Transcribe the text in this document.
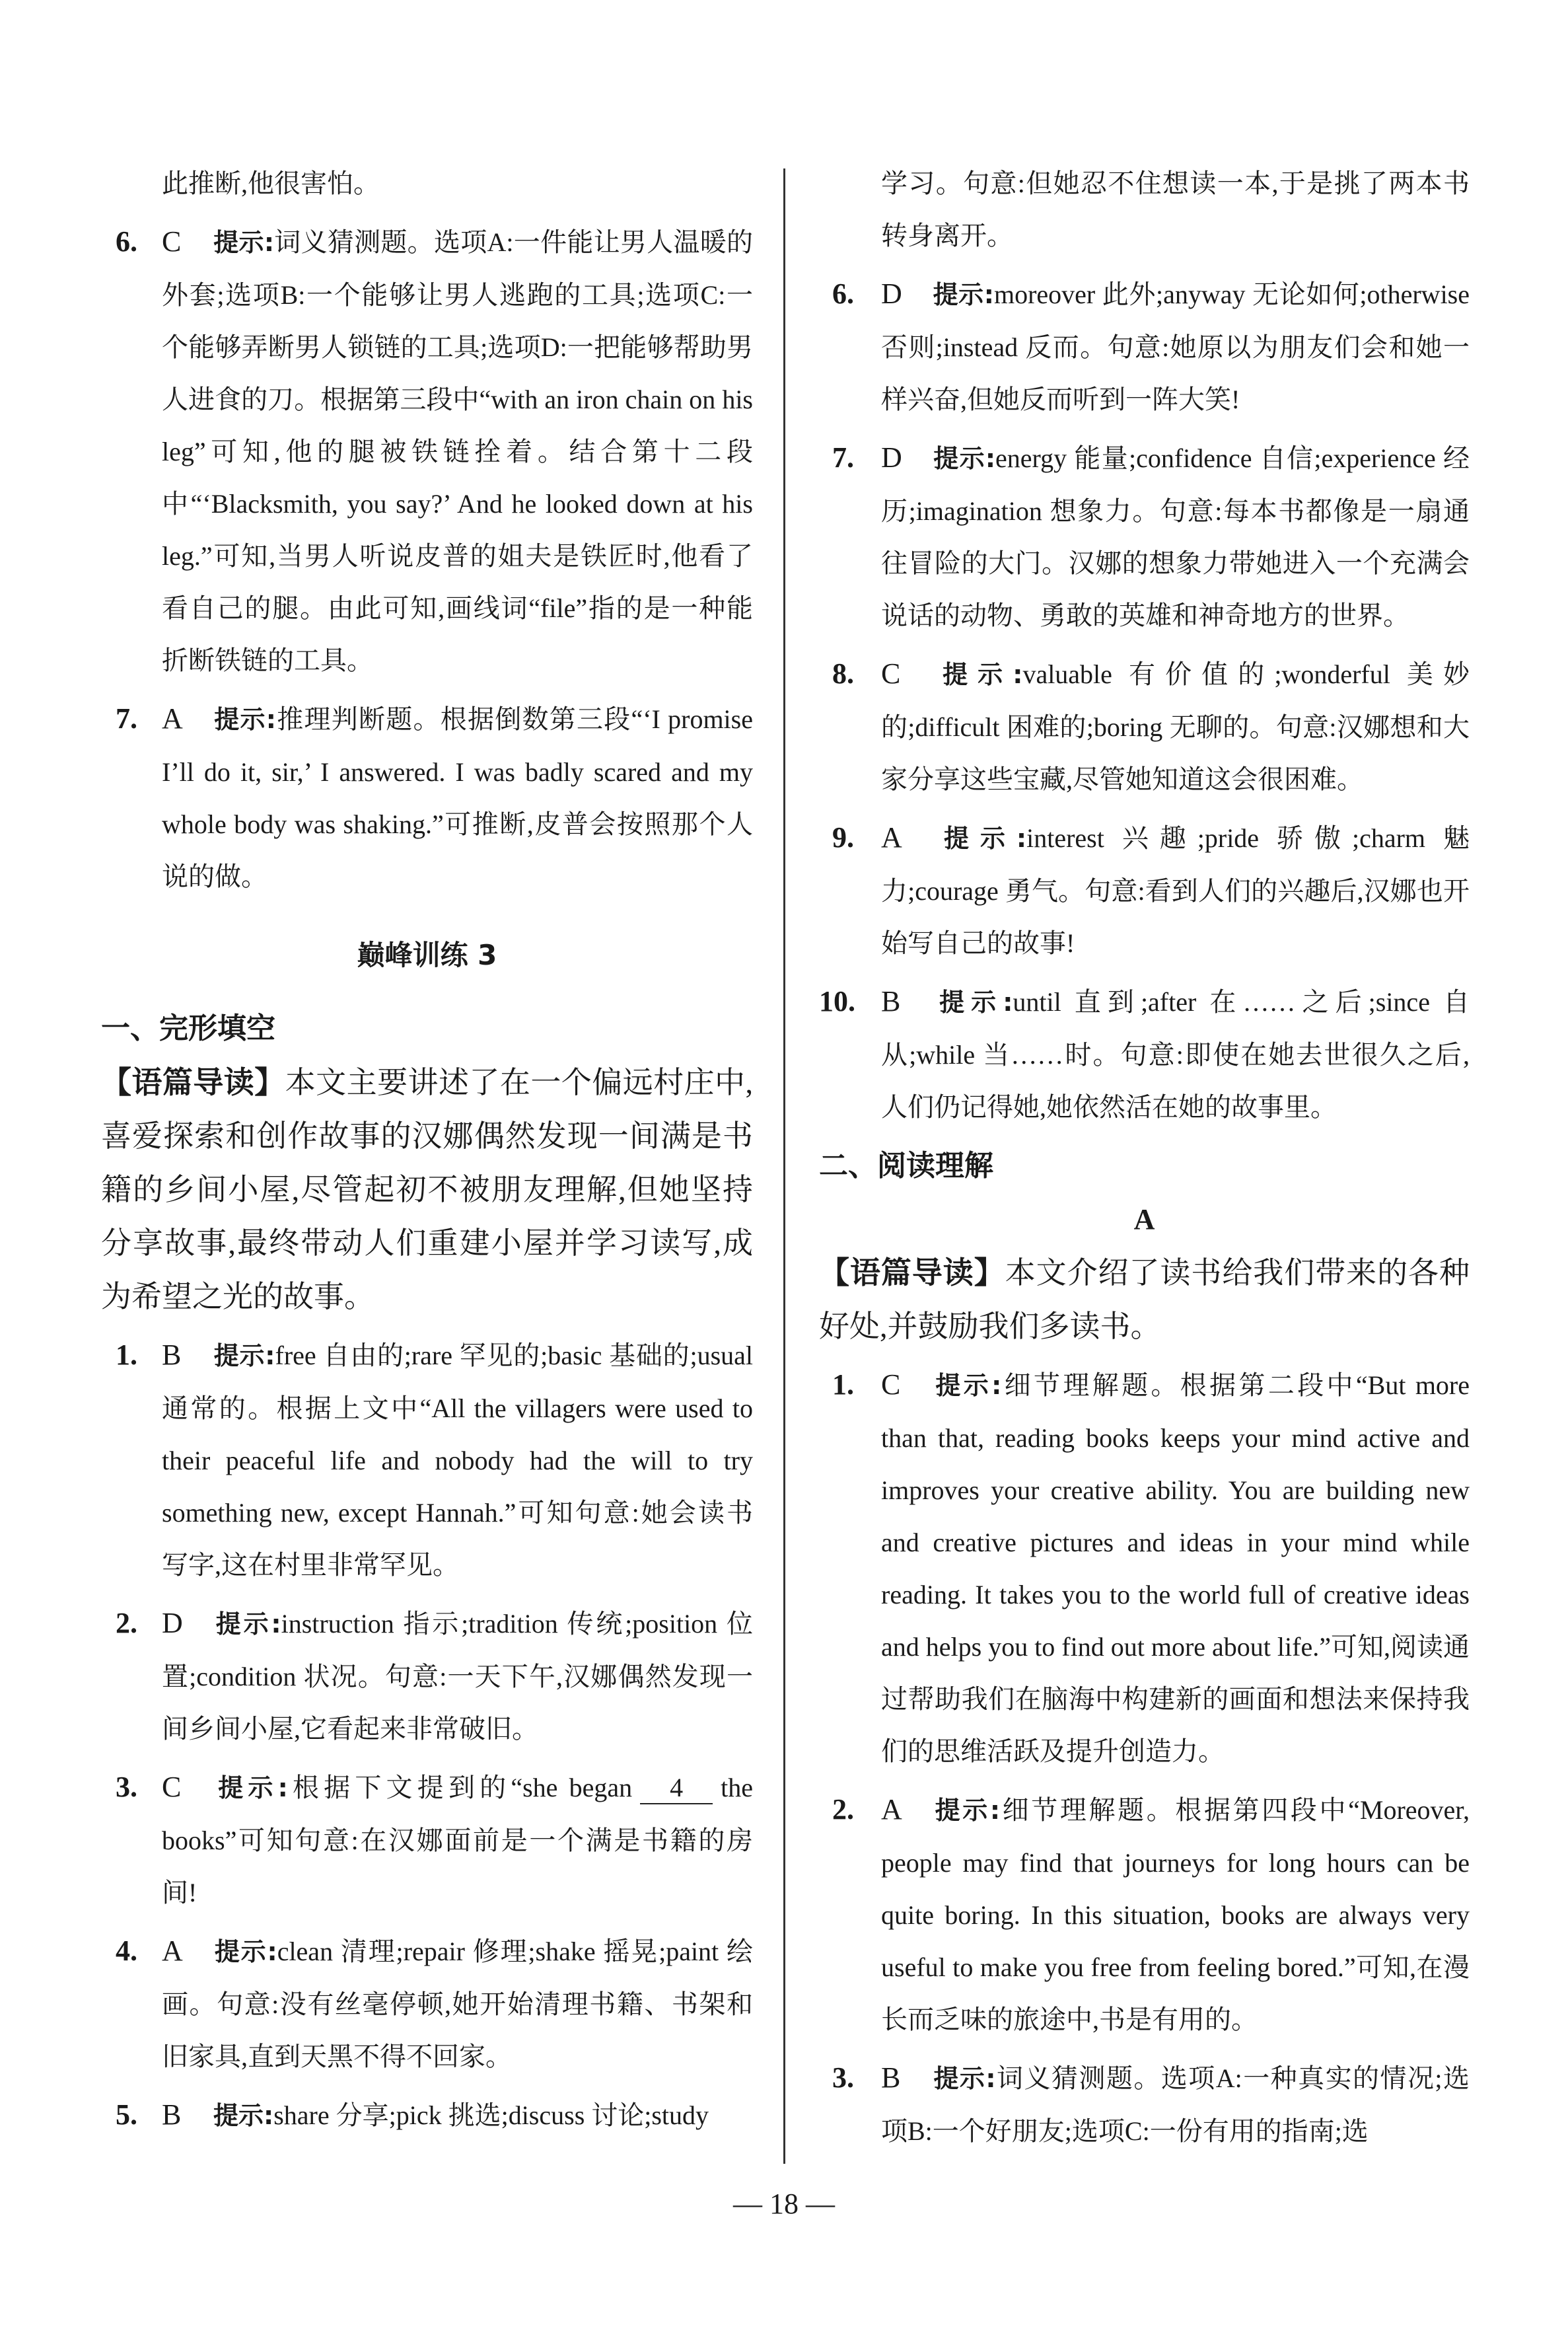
此推断,他很害怕。
6. C 提示:词义猜测题。选项A:一件能让男人温暖的外套;选项B:一个能够让男人逃跑的工具;选项C:一个能够弄断男人锁链的工具;选项D:一把能够帮助男人进食的刀。根据第三段中“with an iron chain on his leg”可知,他的腿被铁链拴着。结合第十二段中“‘Blacksmith, you say?’ And he looked down at his leg.”可知,当男人听说皮普的姐夫是铁匠时,他看了看自己的腿。由此可知,画线词“file”指的是一种能折断铁链的工具。
7. A 提示:推理判断题。根据倒数第三段“‘I promise I’ll do it, sir,’ I answered. I was badly scared and my whole body was shaking.”可推断,皮普会按照那个人说的做。
巅峰训练 3
一、完形填空
【语篇导读】本文主要讲述了在一个偏远村庄中,喜爱探索和创作故事的汉娜偶然发现一间满是书籍的乡间小屋,尽管起初不被朋友理解,但她坚持分享故事,最终带动人们重建小屋并学习读写,成为希望之光的故事。
1. B 提示:free 自由的;rare 罕见的;basic 基础的;usual 通常的。根据上文中“All the villagers were used to their peaceful life and nobody had the will to try something new, except Hannah.”可知句意:她会读书写字,这在村里非常罕见。
2. D 提示:instruction 指示;tradition 传统;position 位置;condition 状况。句意:一天下午,汉娜偶然发现一间乡间小屋,它看起来非常破旧。
3. C 提示:根据下文提到的“she began 4 the books”可知句意:在汉娜面前是一个满是书籍的房间!
4. A 提示:clean 清理;repair 修理;shake 摇晃;paint 绘画。句意:没有丝毫停顿,她开始清理书籍、书架和旧家具,直到天黑不得不回家。
5. B 提示:share 分享;pick 挑选;discuss 讨论;study
学习。句意:但她忍不住想读一本,于是挑了两本书转身离开。
6. D 提示:moreover 此外;anyway 无论如何;otherwise 否则;instead 反而。句意:她原以为朋友们会和她一样兴奋,但她反而听到一阵大笑!
7. D 提示:energy 能量;confidence 自信;experience 经历;imagination 想象力。句意:每本书都像是一扇通往冒险的大门。汉娜的想象力带她进入一个充满会说话的动物、勇敢的英雄和神奇地方的世界。
8. C 提示:valuable 有价值的;wonderful 美妙的;difficult 困难的;boring 无聊的。句意:汉娜想和大家分享这些宝藏,尽管她知道这会很困难。
9. A 提示:interest 兴趣;pride 骄傲;charm 魅力;courage 勇气。句意:看到人们的兴趣后,汉娜也开始写自己的故事!
10. B 提示:until 直到;after 在……之后;since 自从;while 当……时。句意:即使在她去世很久之后,人们仍记得她,她依然活在她的故事里。
二、阅读理解
A
【语篇导读】本文介绍了读书给我们带来的各种好处,并鼓励我们多读书。
1. C 提示:细节理解题。根据第二段中“But more than that, reading books keeps your mind active and improves your creative ability. You are building new and creative pictures and ideas in your mind while reading. It takes you to the world full of creative ideas and helps you to find out more about life.”可知,阅读通过帮助我们在脑海中构建新的画面和想法来保持我们的思维活跃及提升创造力。
2. A 提示:细节理解题。根据第四段中“Moreover, people may find that journeys for long hours can be quite boring. In this situation, books are always very useful to make you free from feeling bored.”可知,在漫长而乏味的旅途中,书是有用的。
3. B 提示:词义猜测题。选项A:一种真实的情况;选项B:一个好朋友;选项C:一份有用的指南;选
— 18 —
